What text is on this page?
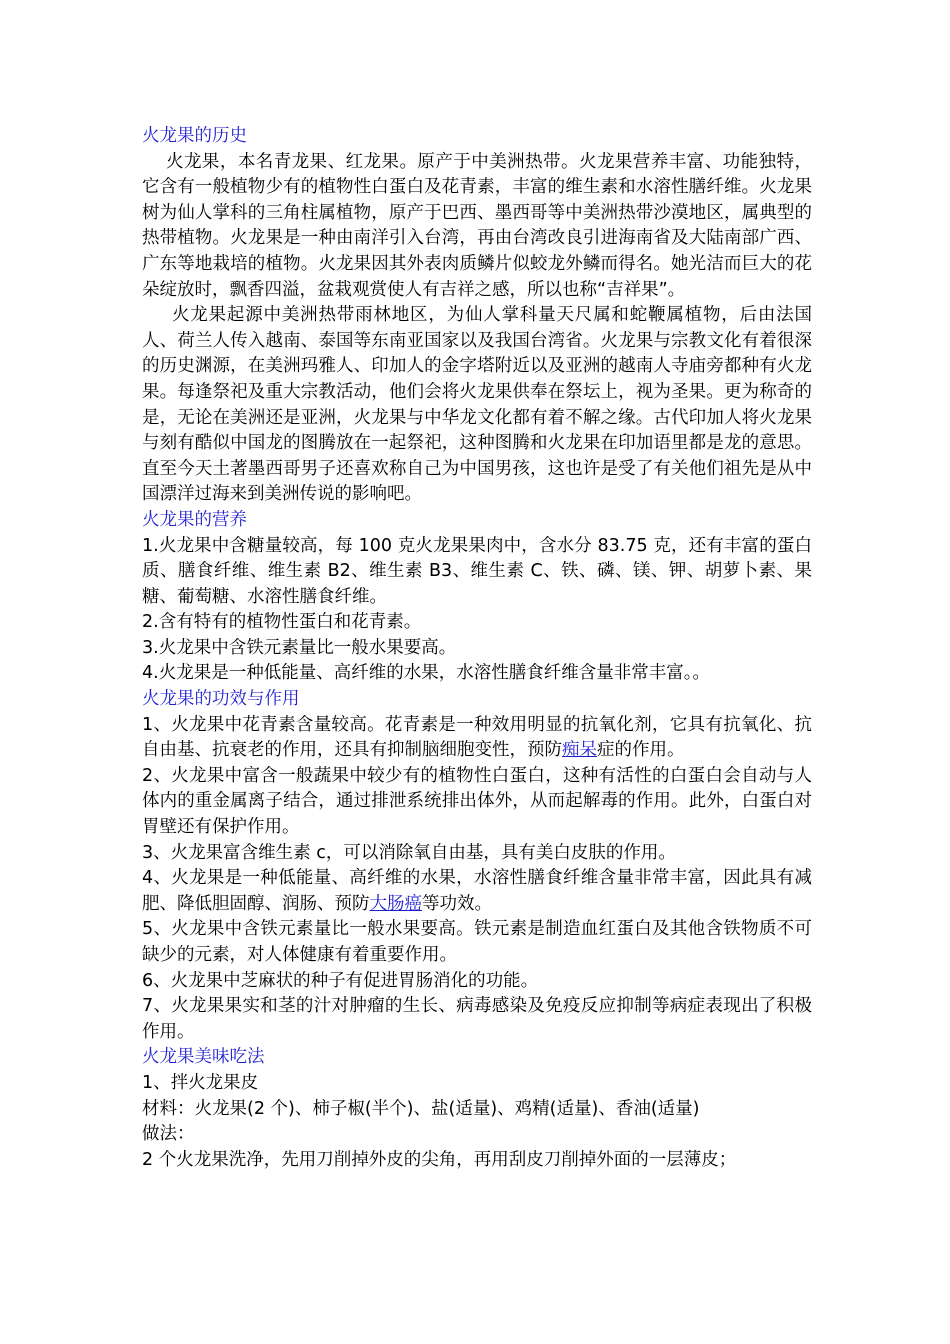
火龙果的历史

火龙果，本名青龙果、红龙果。原产于中美洲热带。火龙果营养丰富、功能独特，它含有一般植物少有的植物性白蛋白及花青素，丰富的维生素和水溶性膳纤维。火龙果树为仙人掌科的三角柱属植物，原产于巴西、墨西哥等中美洲热带沙漠地区，属典型的热带植物。火龙果是一种由南洋引入台湾，再由台湾改良引进海南省及大陆南部广西、广东等地栽培的植物。火龙果因其外表肉质鳞片似蛟龙外鳞而得名。她光洁而巨大的花朵绽放时，飘香四溢，盆栽观赏使人有吉祥之感，所以也称“吉祥果”。

火龙果起源中美洲热带雨林地区，为仙人掌科量天尺属和蛇鞭属植物，后由法国人、荷兰人传入越南、泰国等东南亚国家以及我国台湾省。火龙果与宗教文化有着很深的历史渊源，在美洲玛雅人、印加人的金字塔附近以及亚洲的越南人寺庙旁都种有火龙果。每逢祭祀及重大宗教活动，他们会将火龙果供奉在祭坛上，视为圣果。更为称奇的是，无论在美洲还是亚洲，火龙果与中华龙文化都有着不解之缘。古代印加人将火龙果与刻有酷似中国龙的图腾放在一起祭祀，这种图腾和火龙果在印加语里都是龙的意思。直至今天土著墨西哥男子还喜欢称自己为中国男孩，这也许是受了有关他们祖先是从中国漂洋过海来到美洲传说的影响吧。

火龙果的营养

1.火龙果中含糖量较高，每 100 克火龙果果肉中，含水分 83.75 克，还有丰富的蛋白质、膳食纤维、维生素 B2、维生素 B3、维生素 C、铁、磷、镁、钾、胡萝卜素、果糖、葡萄糖、水溶性膳食纤维。

2.含有特有的植物性蛋白和花青素。

3.火龙果中含铁元素量比一般水果要高。

4.火龙果是一种低能量、高纤维的水果，水溶性膳食纤维含量非常丰富。。

火龙果的功效与作用

1、火龙果中花青素含量较高。花青素是一种效用明显的抗氧化剂，它具有抗氧化、抗自由基、抗衰老的作用，还具有抑制脑细胞变性，预防痴呆症的作用。

2、火龙果中富含一般蔬果中较少有的植物性白蛋白，这种有活性的白蛋白会自动与人体内的重金属离子结合，通过排泄系统排出体外，从而起解毒的作用。此外，白蛋白对胃壁还有保护作用。

3、火龙果富含维生素 c，可以消除氧自由基，具有美白皮肤的作用。

4、火龙果是一种低能量、高纤维的水果，水溶性膳食纤维含量非常丰富，因此具有减肥、降低胆固醇、润肠、预防大肠癌等功效。

5、火龙果中含铁元素量比一般水果要高。铁元素是制造血红蛋白及其他含铁物质不可缺少的元素，对人体健康有着重要作用。

6、火龙果中芝麻状的种子有促进胃肠消化的功能。

7、火龙果果实和茎的汁对肿瘤的生长、病毒感染及免疫反应抑制等病症表现出了积极作用。

火龙果美味吃法

1、拌火龙果皮

材料：火龙果(2 个)、柿子椒(半个)、盐(适量)、鸡精(适量)、香油(适量)

做法：

2 个火龙果洗净，先用刀削掉外皮的尖角，再用刮皮刀削掉外面的一层薄皮；
